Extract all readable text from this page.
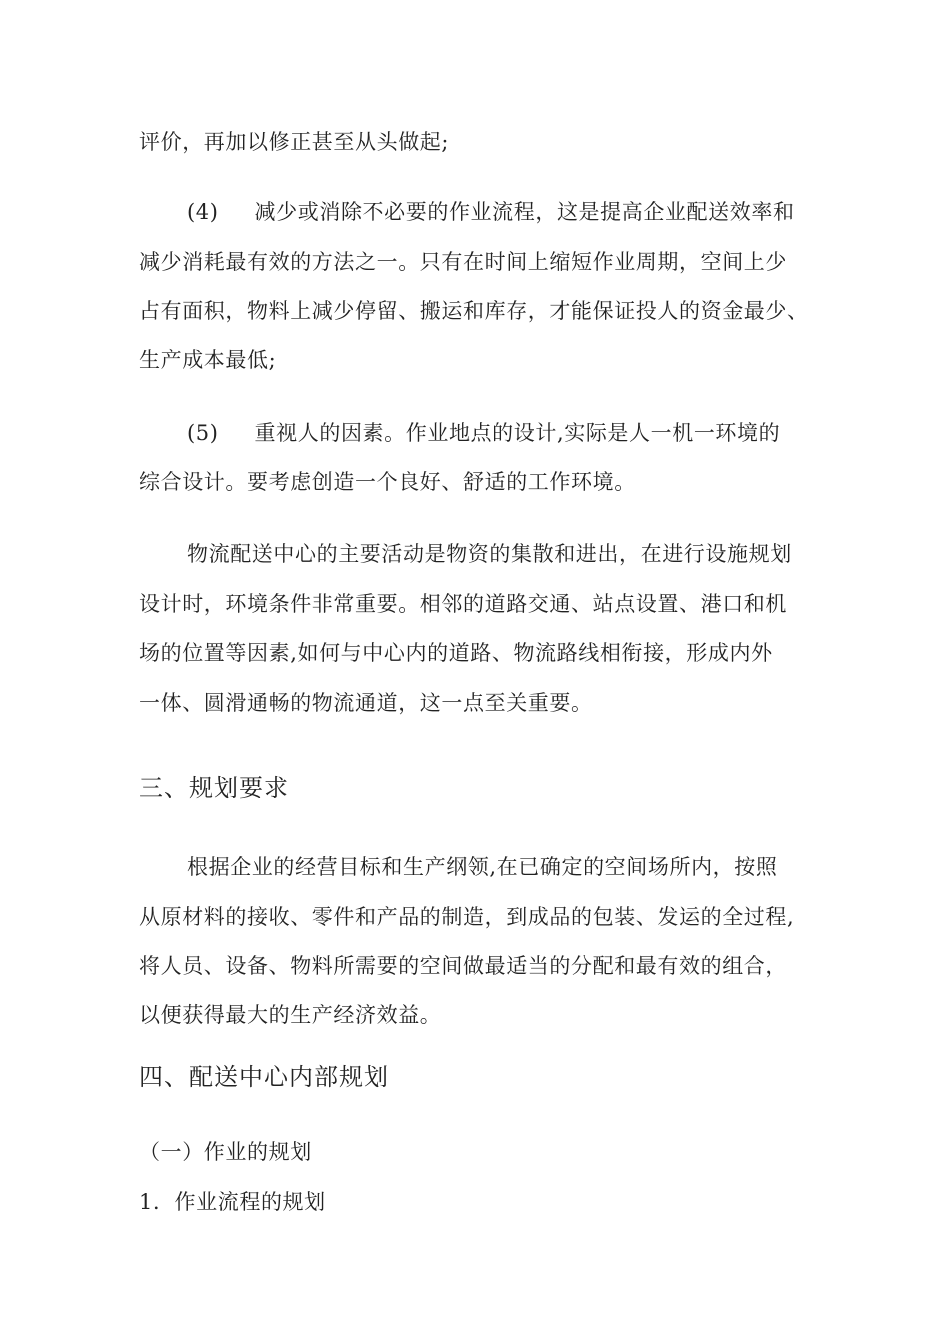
评价，再加以修正甚至从头做起;
(4) 减少或消除不必要的作业流程，这是提高企业配送效率和
减少消耗最有效的方法之一。只有在时间上缩短作业周期，空间上少
占有面积，物料上减少停留、搬运和库存，才能保证投人的资金最少、
生产成本最低;
(5) 重视人的因素。作业地点的设计,实际是人一机一环境的
综合设计。要考虑创造一个良好、舒适的工作环境。
物流配送中心的主要活动是物资的集散和进出，在进行设施规划
设计时，环境条件非常重要。相邻的道路交通、站点设置、港口和机
场的位置等因素,如何与中心内的道路、物流路线相衔接，形成内外
一体、圆滑通畅的物流通道，这一点至关重要。
三、规划要求
根据企业的经营目标和生产纲领,在已确定的空间场所内，按照
从原材料的接收、零件和产品的制造，到成品的包装、发运的全过程,
将人员、设备、物料所需要的空间做最适当的分配和最有效的组合，
以便获得最大的生产经济效益。
四、配送中心内部规划
（一）作业的规划
1．作业流程的规划
